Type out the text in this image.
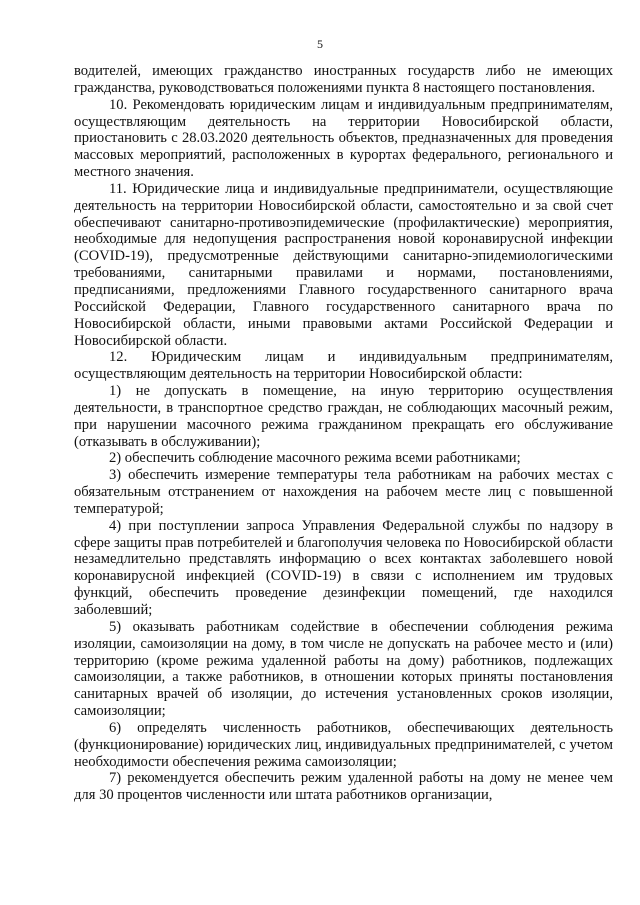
5

водителей, имеющих гражданство иностранных государств либо не имеющих гражданства, руководствоваться положениями пункта 8 настоящего постановления.

10. Рекомендовать юридическим лицам и индивидуальным предпринимателям, осуществляющим деятельность на территории Новосибирской области, приостановить с 28.03.2020 деятельность объектов, предназначенных для проведения массовых мероприятий, расположенных в курортах федерального, регионального и местного значения.

11. Юридические лица и индивидуальные предприниматели, осуществляющие деятельность на территории Новосибирской области, самостоятельно и за свой счет обеспечивают санитарно-противоэпидемические (профилактические) мероприятия, необходимые для недопущения распространения новой коронавирусной инфекции (COVID-19), предусмотренные действующими санитарно-эпидемиологическими требованиями, санитарными правилами и нормами, постановлениями, предписаниями, предложениями Главного государственного санитарного врача Российской Федерации, Главного государственного санитарного врача по Новосибирской области, иными правовыми актами Российской Федерации и Новосибирской области.

12. Юридическим лицам и индивидуальным предпринимателям, осуществляющим деятельность на территории Новосибирской области:

1) не допускать в помещение, на иную территорию осуществления деятельности, в транспортное средство граждан, не соблюдающих масочный режим, при нарушении масочного режима гражданином прекращать его обслуживание (отказывать в обслуживании);

2) обеспечить соблюдение масочного режима всеми работниками;

3) обеспечить измерение температуры тела работникам на рабочих местах с обязательным отстранением от нахождения на рабочем месте лиц с повышенной температурой;

4) при поступлении запроса Управления Федеральной службы по надзору в сфере защиты прав потребителей и благополучия человека по Новосибирской области незамедлительно представлять информацию о всех контактах заболевшего новой коронавирусной инфекцией (COVID-19) в связи с исполнением им трудовых функций, обеспечить проведение дезинфекции помещений, где находился заболевший;

5) оказывать работникам содействие в обеспечении соблюдения режима изоляции, самоизоляции на дому, в том числе не допускать на рабочее место и (или) территорию (кроме режима удаленной работы на дому) работников, подлежащих самоизоляции, а также работников, в отношении которых приняты постановления санитарных врачей об изоляции, до истечения установленных сроков изоляции, самоизоляции;

6) определять численность работников, обеспечивающих деятельность (функционирование) юридических лиц, индивидуальных предпринимателей, с учетом необходимости обеспечения режима самоизоляции;

7) рекомендуется обеспечить режим удаленной работы на дому не менее чем для 30 процентов численности или штата работников организации,
